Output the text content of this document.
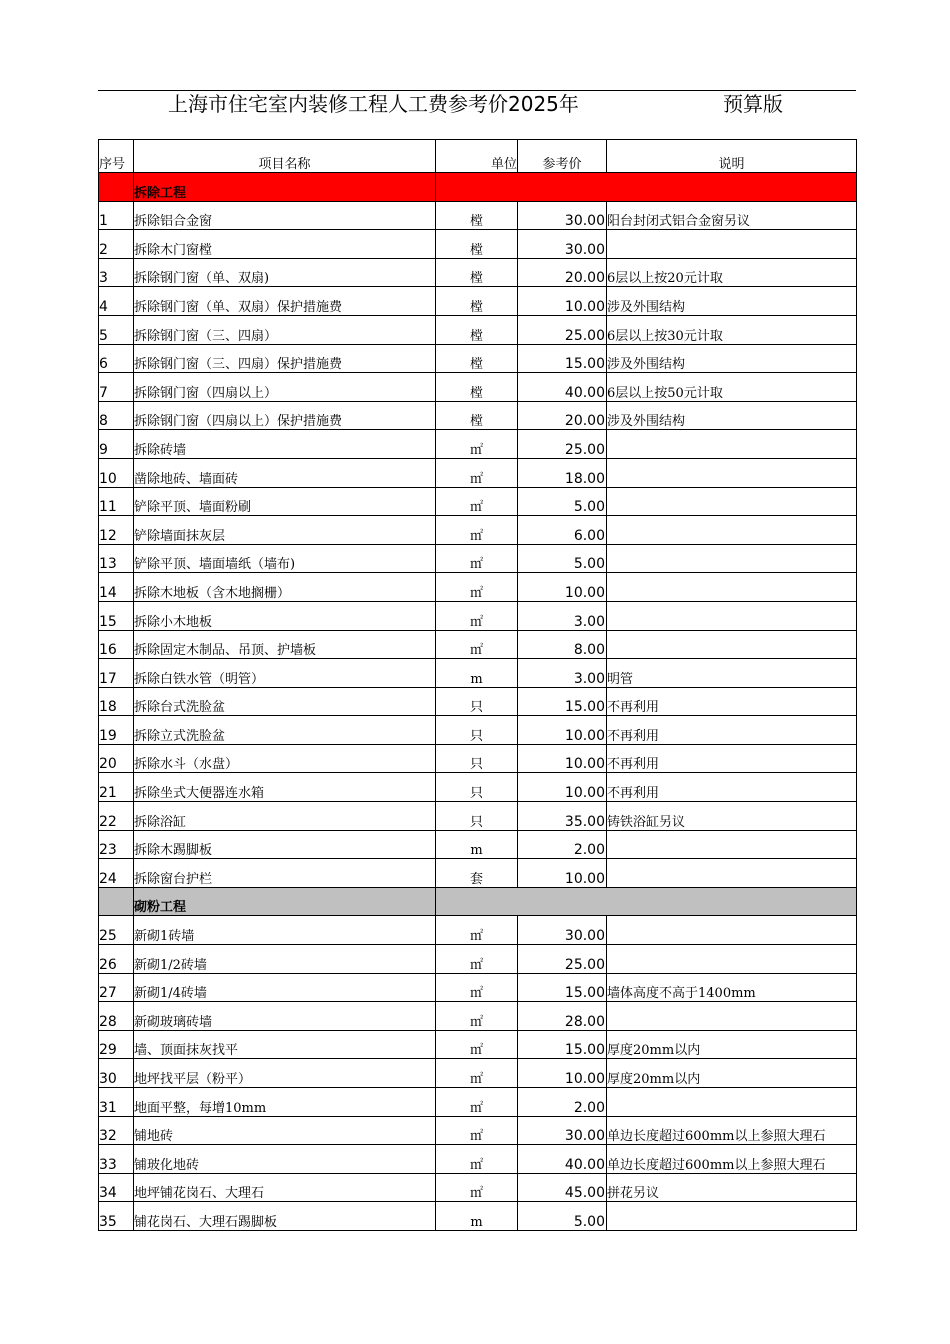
上海市住宅室内装修工程人工费参考价2025年	预算版
序号	项目名称	单位	参考价	说明
	拆除工程			
1	拆除铝合金窗	樘	30.00	阳台封闭式铝合金窗另议
2	拆除木门窗樘	樘	30.00	
3	拆除钢门窗（单、双扇)	樘	20.00	6层以上按20元计取
4	拆除钢门窗（单、双扇）保护措施费	樘	10.00	涉及外围结构
5	拆除钢门窗（三、四扇）	樘	25.00	6层以上按30元计取
6	拆除钢门窗（三、四扇）保护措施费	樘	15.00	涉及外围结构
7	拆除钢门窗（四扇以上）	樘	40.00	6层以上按50元计取
8	拆除钢门窗（四扇以上）保护措施费	樘	20.00	涉及外围结构
9	拆除砖墙	㎡	25.00	
10	凿除地砖、墙面砖	㎡	18.00	
11	铲除平顶、墙面粉刷	㎡	5.00	
12	铲除墙面抹灰层	㎡	6.00	
13	铲除平顶、墙面墙纸（墙布)	㎡	5.00	
14	拆除木地板（含木地搁栅）	㎡	10.00	
15	拆除小木地板	㎡	3.00	
16	拆除固定木制品、吊顶、护墙板	㎡	8.00	
17	拆除白铁水管（明管）	m	3.00	明管
18	拆除台式洗脸盆	只	15.00	不再利用
19	拆除立式洗脸盆	只	10.00	不再利用
20	拆除水斗（水盘）	只	10.00	不再利用
21	拆除坐式大便器连水箱	只	10.00	不再利用
22	拆除浴缸	只	35.00	铸铁浴缸另议
23	拆除木踢脚板	m	2.00	
24	拆除窗台护栏	套	10.00	
	砌粉工程			
25	新砌1砖墙	㎡	30.00	
26	新砌1/2砖墙	㎡	25.00	
27	新砌1/4砖墙	㎡	15.00	墙体高度不高于1400mm
28	新砌玻璃砖墙	㎡	28.00	
29	墙、顶面抹灰找平	㎡	15.00	厚度20mm以内
30	地坪找平层（粉平）	㎡	10.00	厚度20mm以内
31	地面平整，每增10mm	㎡	2.00	
32	铺地砖	㎡	30.00	单边长度超过600mm以上参照大理石
33	铺玻化地砖	㎡	40.00	单边长度超过600mm以上参照大理石
34	地坪铺花岗石、大理石	㎡	45.00	拼花另议
35	铺花岗石、大理石踢脚板	m	5.00	
